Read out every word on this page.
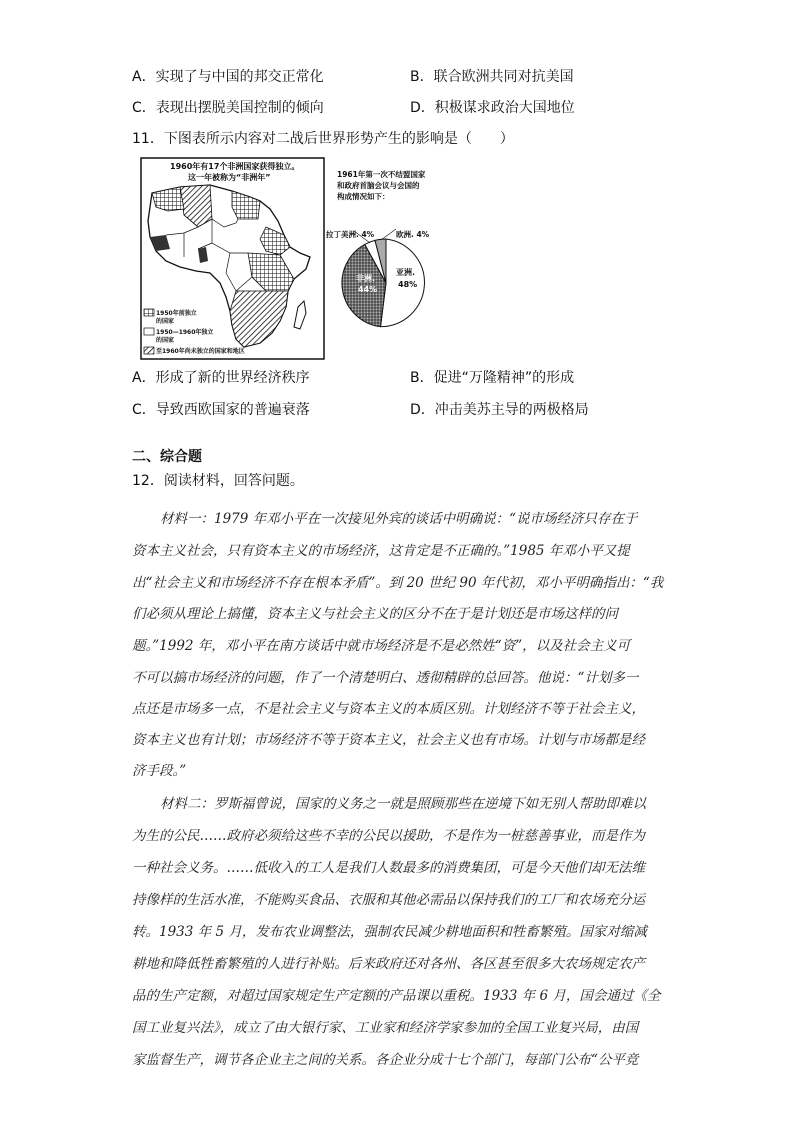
A．实现了与中国的邦交正常化	B．联合欧洲共同对抗美国
C．表现出摆脱美国控制的倾向	D．积极谋求政治大国地位
11．下图表所示内容对二战后世界形势产生的影响是（　　）
1960年有17个非洲国家获得独立。
这一年被称为“非洲年”
1950年前独立
的国家
1950—1960年独立
的国家
至1960年尚未独立的国家和地区
1961年第一次不结盟国家
和政府首脑会议与会国的
构成情况如下：
拉丁美洲. 4%	欧洲. 4%
非洲.
44%
亚洲.
48%
A．形成了新的世界经济秩序	B．促进“万隆精神”的形成
C．导致西欧国家的普遍衰落	D．冲击美苏主导的两极格局
二、综合题
12．阅读材料，回答问题。
材料一：1979 年邓小平在一次接见外宾的谈话中明确说：“说市场经济只存在于
资本主义社会，只有资本主义的市场经济，这肯定是不正确的。”1985 年邓小平又提
出“社会主义和市场经济不存在根本矛盾”。到 20 世纪 90 年代初，邓小平明确指出：“我
们必须从理论上搞懂，资本主义与社会主义的区分不在于是计划还是市场这样的问
题。”1992 年，邓小平在南方谈话中就市场经济是不是必然姓“资”，以及社会主义可
不可以搞市场经济的问题，作了一个清楚明白、透彻精辟的总回答。他说：“计划多一
点还是市场多一点，不是社会主义与资本主义的本质区别。计划经济不等于社会主义，
资本主义也有计划；市场经济不等于资本主义，社会主义也有市场。计划与市场都是经
济手段。”
材料二：罗斯福曾说，国家的义务之一就是照顾那些在逆境下如无别人帮助即难以
为生的公民……政府必须给这些不幸的公民以援助，不是作为一桩慈善事业，而是作为
一种社会义务。……低收入的工人是我们人数最多的消费集团，可是今天他们却无法维
持像样的生活水准，不能购买食品、衣服和其他必需品以保持我们的工厂和农场充分运
转。1933 年 5 月，发布农业调整法，强制农民减少耕地面积和牲畜繁殖。国家对缩减
耕地和降低牲畜繁殖的人进行补贴。后来政府还对各州、各区甚至很多大农场规定农产
品的生产定额，对超过国家规定生产定额的产品课以重税。1933 年 6 月，国会通过《全
国工业复兴法》，成立了由大银行家、工业家和经济学家参加的全国工业复兴局，由国
家监督生产，调节各企业主之间的关系。各企业分成十七个部门，每部门公布“公平竞
